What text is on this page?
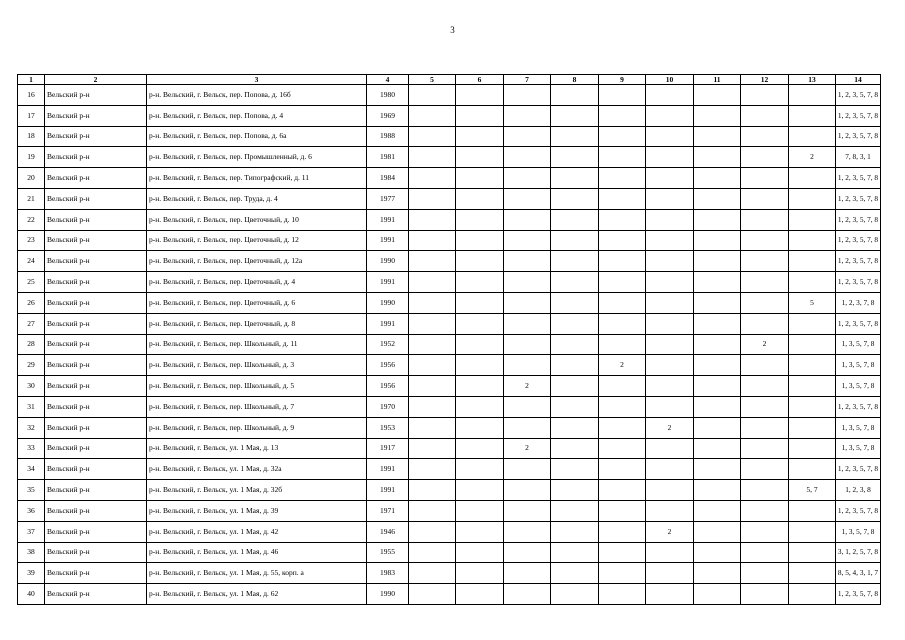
3
1	2	3	4	5	6	7	8	9	10	11	12	13	14
16	Вельский р-н	р-н. Вельский, г. Вельск, пер. Попова, д. 16б	1980										1, 2, 3, 5, 7, 8
17	Вельский р-н	р-н. Вельский, г. Вельск, пер. Попова, д. 4	1969										1, 2, 3, 5, 7, 8
18	Вельский р-н	р-н. Вельский, г. Вельск, пер. Попова, д. 6а	1988										1, 2, 3, 5, 7, 8
19	Вельский р-н	р-н. Вельский, г. Вельск, пер. Промышленный, д. 6	1981									2	7, 8, 3, 1
20	Вельский р-н	р-н. Вельский, г. Вельск, пер. Типографский, д. 11	1984										1, 2, 3, 5, 7, 8
21	Вельский р-н	р-н. Вельский, г. Вельск, пер. Труда, д. 4	1977										1, 2, 3, 5, 7, 8
22	Вельский р-н	р-н. Вельский, г. Вельск, пер. Цветочный, д. 10	1991										1, 2, 3, 5, 7, 8
23	Вельский р-н	р-н. Вельский, г. Вельск, пер. Цветочный, д. 12	1991										1, 2, 3, 5, 7, 8
24	Вельский р-н	р-н. Вельский, г. Вельск, пер. Цветочный, д. 12а	1990										1, 2, 3, 5, 7, 8
25	Вельский р-н	р-н. Вельский, г. Вельск, пер. Цветочный, д. 4	1991										1, 2, 3, 5, 7, 8
26	Вельский р-н	р-н. Вельский, г. Вельск, пер. Цветочный, д. 6	1990									5	1, 2, 3, 7, 8
27	Вельский р-н	р-н. Вельский, г. Вельск, пер. Цветочный, д. 8	1991										1, 2, 3, 5, 7, 8
28	Вельский р-н	р-н. Вельский, г. Вельск, пер. Школьный, д. 11	1952								2		1, 3, 5, 7, 8
29	Вельский р-н	р-н. Вельский, г. Вельск, пер. Школьный, д. 3	1956					2					1, 3, 5, 7, 8
30	Вельский р-н	р-н. Вельский, г. Вельск, пер. Школьный, д. 5	1956			2							1, 3, 5, 7, 8
31	Вельский р-н	р-н. Вельский, г. Вельск, пер. Школьный, д. 7	1970										1, 2, 3, 5, 7, 8
32	Вельский р-н	р-н. Вельский, г. Вельск, пер. Школьный, д. 9	1953						2				1, 3, 5, 7, 8
33	Вельский р-н	р-н. Вельский, г. Вельск, ул. 1 Мая, д. 13	1917			2							1, 3, 5, 7, 8
34	Вельский р-н	р-н. Вельский, г. Вельск, ул. 1 Мая, д. 32а	1991										1, 2, 3, 5, 7, 8
35	Вельский р-н	р-н. Вельский, г. Вельск, ул. 1 Мая, д. 32б	1991									5, 7	1, 2, 3, 8
36	Вельский р-н	р-н. Вельский, г. Вельск, ул. 1 Мая, д. 39	1971										1, 2, 3, 5, 7, 8
37	Вельский р-н	р-н. Вельский, г. Вельск, ул. 1 Мая, д. 42	1946						2				1, 3, 5, 7, 8
38	Вельский р-н	р-н. Вельский, г. Вельск, ул. 1 Мая, д. 46	1955										3, 1, 2, 5, 7, 8
39	Вельский р-н	р-н. Вельский, г. Вельск, ул. 1 Мая, д. 55, корп. а	1983										8, 5, 4, 3, 1, 7
40	Вельский р-н	р-н. Вельский, г. Вельск, ул. 1 Мая, д. 62	1990										1, 2, 3, 5, 7, 8
